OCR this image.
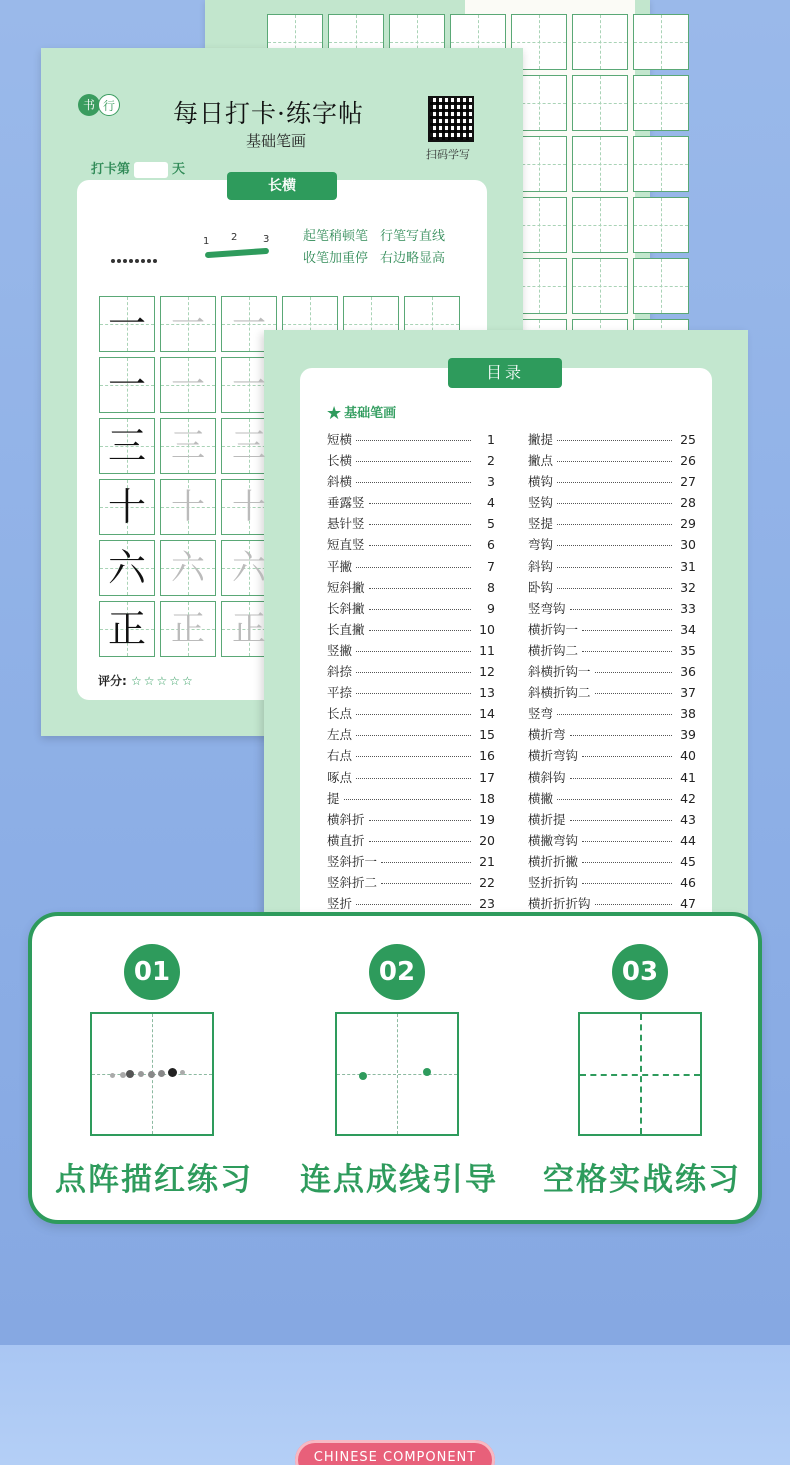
书 行 每日打卡·练字帖
基础笔画
扫码学写
打卡第	天
长横
1 2	3	起笔稍顿笔 行笔写直线
收笔加重停 右边略显高
一 一 一
一 一 一
三 三 三
十 十 十
六 六 六
正 正 正
评分: ☆☆☆☆☆
目录
★ 基础笔画
短横	1
长横	2
斜横	3
垂露竖	4
悬针竖	5
短直竖	6
平撇	7
短斜撇	8
长斜撇	9
长直撇	10
竖撇	11
斜捺	12
平捺	13
长点	14
左点	15
右点	16
啄点	17
提	18
横斜折	19
横直折	20
竖斜折一	21
竖斜折二	22
竖折	23
撇提	25
撇点	26
横钩	27
竖钩	28
竖提	29
弯钩	30
斜钩	31
卧钩	32
竖弯钩	33
横折钩一	34
横折钩二	35
斜横折钩一	36
斜横折钩二	37
竖弯	38
横折弯	39
横折弯钩	40
横斜钩	41
横撇	42
横折提	43
横撇弯钩	44
横折折撇	45
竖折折钩	46
横折折折钩	47
01
点阵描红练习
02
连点成线引导
03
空格实战练习
CHINESE COMPONENT
